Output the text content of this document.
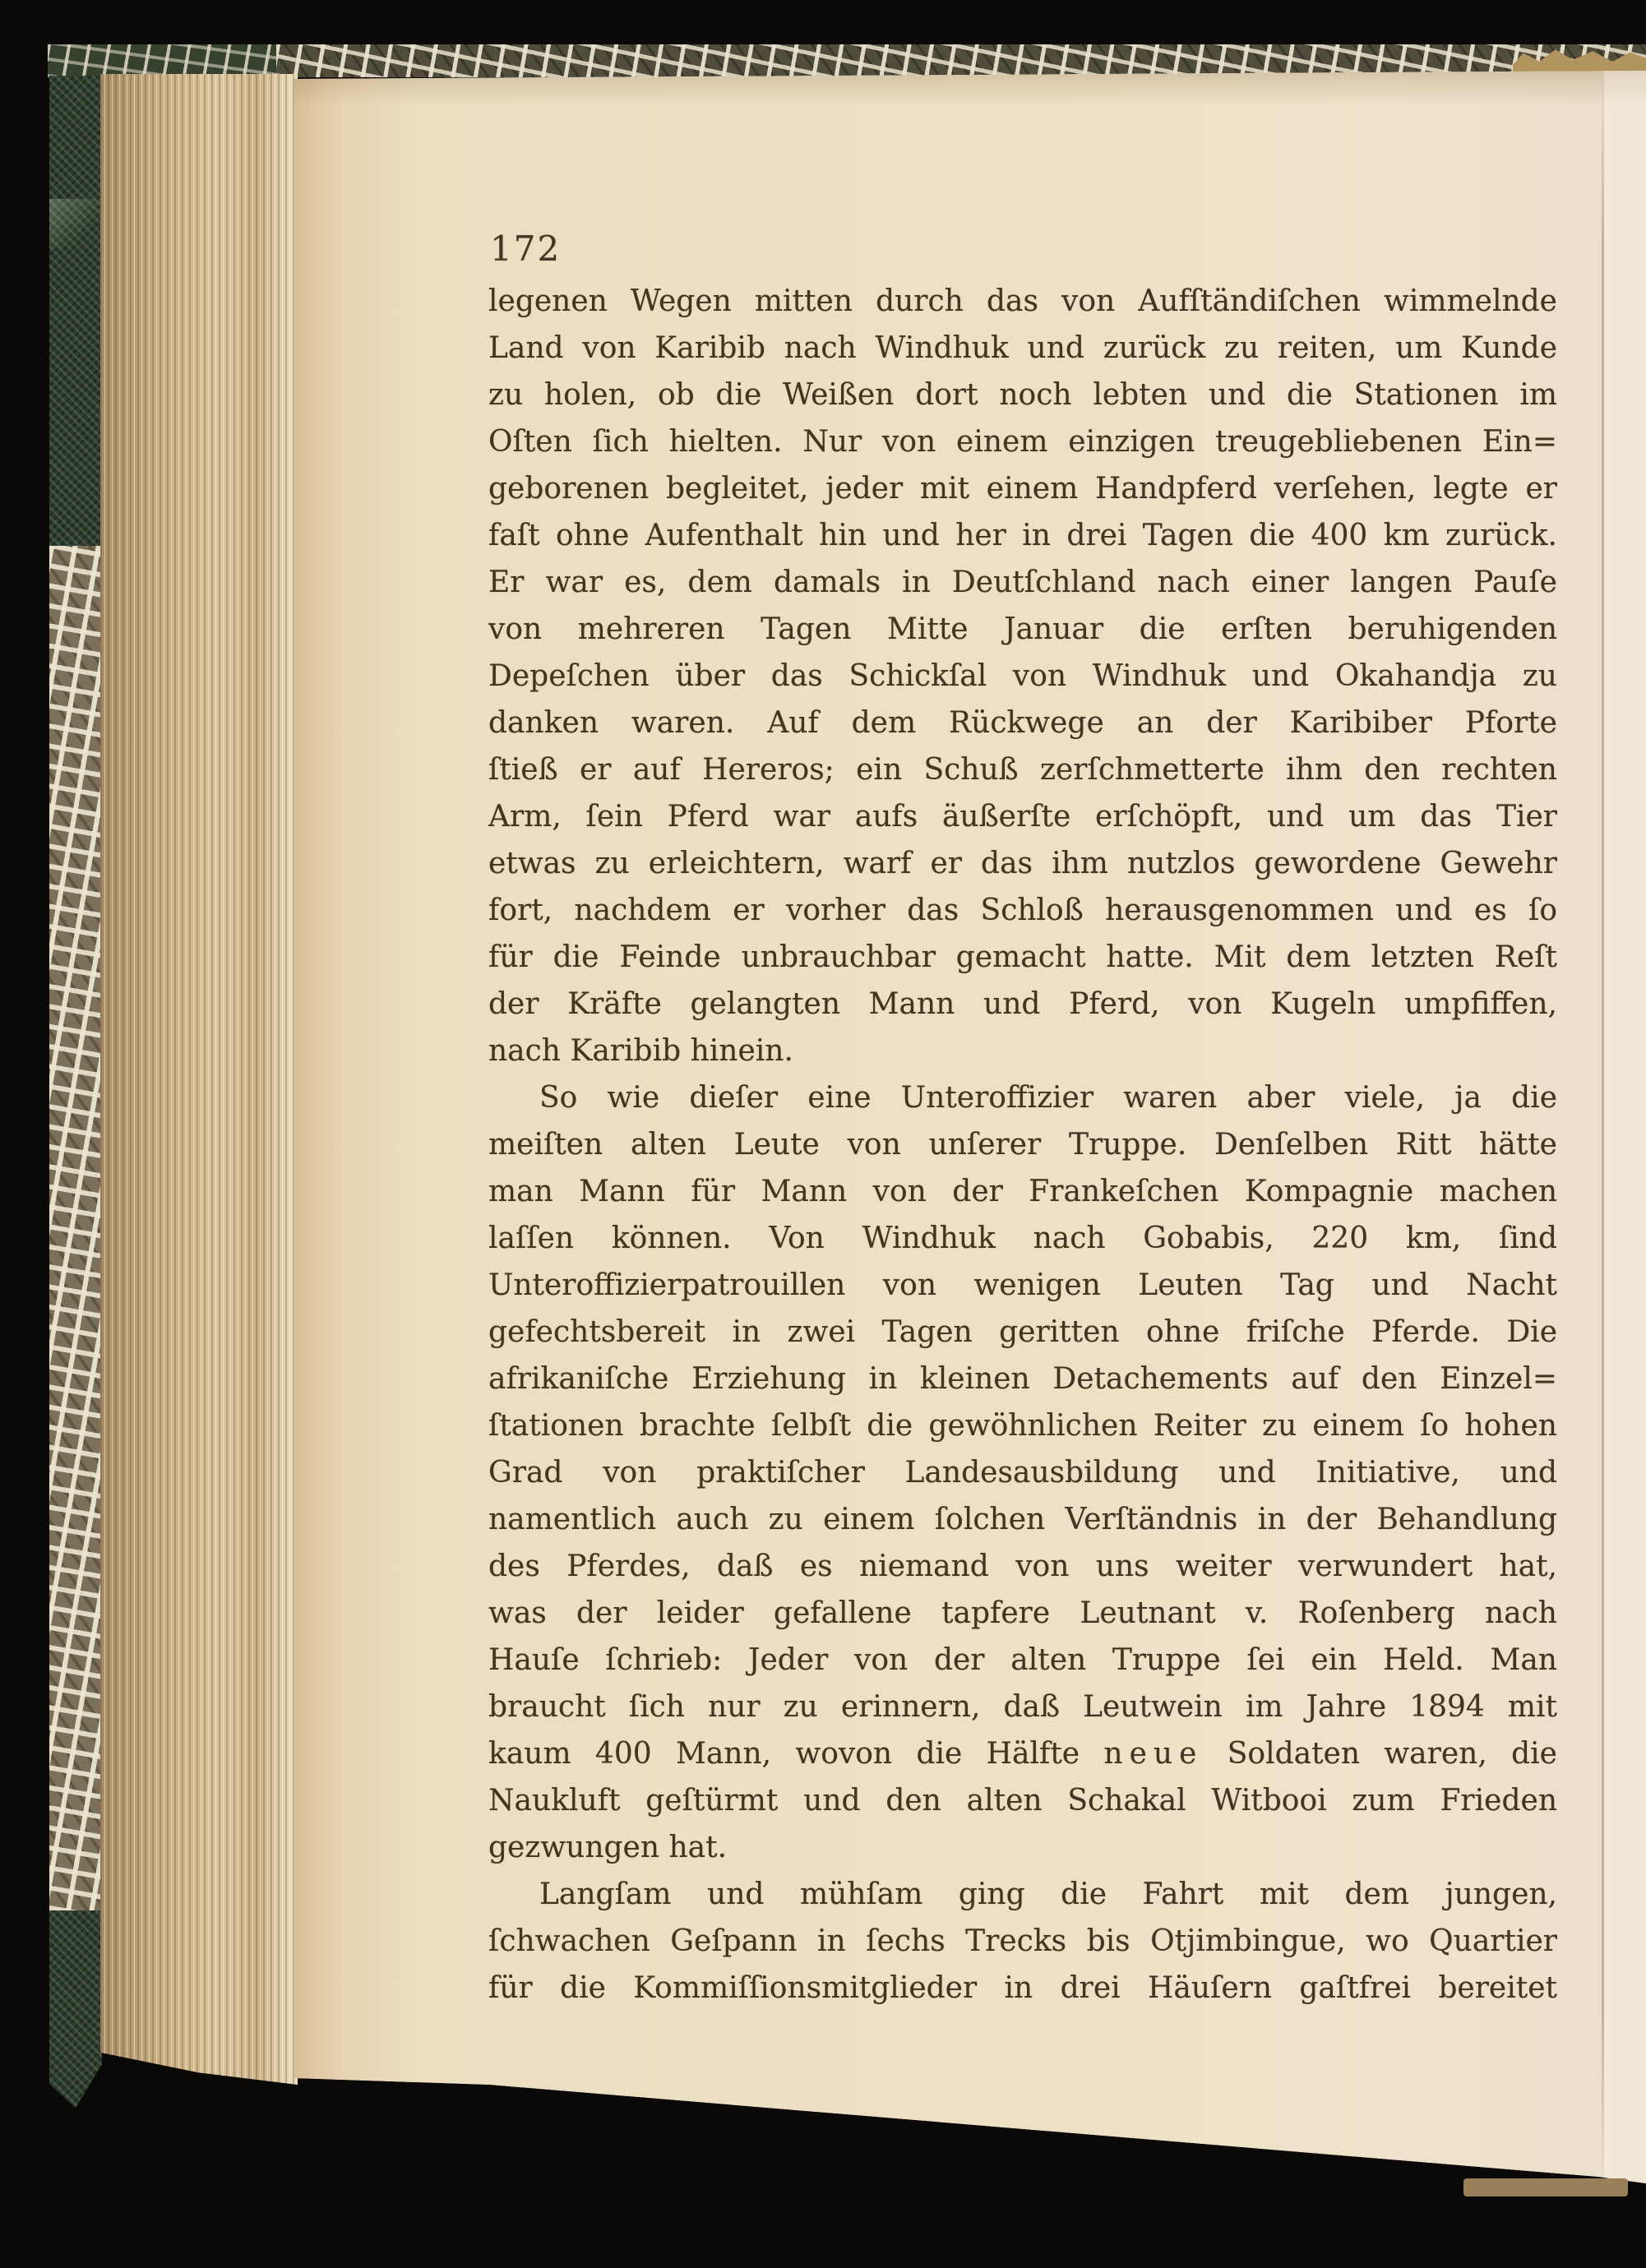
172
legenen Wegen mitten durch das von Aufſtändiſchen wimmelnde
Land von Karibib nach Windhuk und zurück zu reiten, um Kunde
zu holen, ob die Weißen dort noch lebten und die Stationen im
Oſten ſich hielten. Nur von einem einzigen treugebliebenen Ein=
geborenen begleitet, jeder mit einem Handpferd verſehen, legte er
faſt ohne Aufenthalt hin und her in drei Tagen die 400 km zurück.
Er war es, dem damals in Deutſchland nach einer langen Pauſe
von mehreren Tagen Mitte Januar die erſten beruhigenden
Depeſchen über das Schickſal von Windhuk und Okahandja zu
danken waren. Auf dem Rückwege an der Karibiber Pforte
ſtieß er auf Hereros; ein Schuß zerſchmetterte ihm den rechten
Arm, ſein Pferd war aufs äußerſte erſchöpft, und um das Tier
etwas zu erleichtern, warf er das ihm nutzlos gewordene Gewehr
fort, nachdem er vorher das Schloß herausgenommen und es ſo
für die Feinde unbrauchbar gemacht hatte. Mit dem letzten Reſt
der Kräfte gelangten Mann und Pferd, von Kugeln umpfiffen,
nach Karibib hinein.
So wie dieſer eine Unteroffizier waren aber viele, ja die
meiſten alten Leute von unſerer Truppe. Denſelben Ritt hätte
man Mann für Mann von der Frankeſchen Kompagnie machen
laſſen können. Von Windhuk nach Gobabis, 220 km, ſind
Unteroffizierpatrouillen von wenigen Leuten Tag und Nacht
gefechtsbereit in zwei Tagen geritten ohne friſche Pferde. Die
afrikaniſche Erziehung in kleinen Detachements auf den Einzel=
ſtationen brachte ſelbſt die gewöhnlichen Reiter zu einem ſo hohen
Grad von praktiſcher Landesausbildung und Initiative, und
namentlich auch zu einem ſolchen Verſtändnis in der Behandlung
des Pferdes, daß es niemand von uns weiter verwundert hat,
was der leider gefallene tapfere Leutnant v. Roſenberg nach
Hauſe ſchrieb: Jeder von der alten Truppe ſei ein Held. Man
braucht ſich nur zu erinnern, daß Leutwein im Jahre 1894 mit
kaum 400 Mann, wovon die Hälfte neue Soldaten waren, die
Naukluft geſtürmt und den alten Schakal Witbooi zum Frieden
gezwungen hat.
Langſam und mühſam ging die Fahrt mit dem jungen,
ſchwachen Geſpann in ſechs Trecks bis Otjimbingue, wo Quartier
für die Kommiſſionsmitglieder in drei Häuſern gaſtfrei bereitet
